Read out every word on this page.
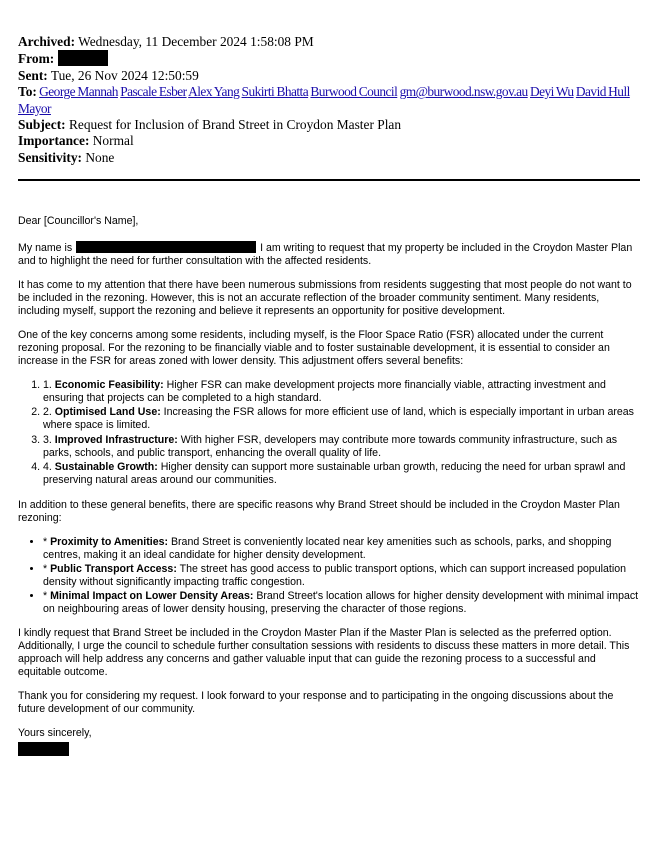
Archived: Wednesday, 11 December 2024 1:58:08 PM
From:
Sent: Tue, 26 Nov 2024 12:50:59
To: George Mannah Pascale Esber Alex Yang Sukirti Bhatta Burwood Council gm@burwood.nsw.gov.au Deyi Wu David Hull Mayor
Subject: Request for Inclusion of Brand Street in Croydon Master Plan
Importance: Normal
Sensitivity: None

Dear [Councillor's Name],

My name is	I am writing to request that my property be included in the Croydon Master Plan and to highlight the need for further consultation with the affected residents.

It has come to my attention that there have been numerous submissions from residents suggesting that most people do not want to be included in the rezoning. However, this is not an accurate reflection of the broader community sentiment. Many residents, including myself, support the rezoning and believe it represents an opportunity for positive development.

One of the key concerns among some residents, including myself, is the Floor Space Ratio (FSR) allocated under the current rezoning proposal. For the rezoning to be financially viable and to foster sustainable development, it is essential to consider an increase in the FSR for areas zoned with lower density. This adjustment offers several benefits:

1. 1. Economic Feasibility: Higher FSR can make development projects more financially viable, attracting investment and ensuring that projects can be completed to a high standard.
2. 2. Optimised Land Use: Increasing the FSR allows for more efficient use of land, which is especially important in urban areas where space is limited.
3. 3. Improved Infrastructure: With higher FSR, developers may contribute more towards community infrastructure, such as parks, schools, and public transport, enhancing the overall quality of life.
4. 4. Sustainable Growth: Higher density can support more sustainable urban growth, reducing the need for urban sprawl and preserving natural areas around our communities.

In addition to these general benefits, there are specific reasons why Brand Street should be included in the Croydon Master Plan rezoning:

• * Proximity to Amenities: Brand Street is conveniently located near key amenities such as schools, parks, and shopping centres, making it an ideal candidate for higher density development.
• * Public Transport Access: The street has good access to public transport options, which can support increased population density without significantly impacting traffic congestion.
• * Minimal Impact on Lower Density Areas: Brand Street's location allows for higher density development with minimal impact on neighbouring areas of lower density housing, preserving the character of those regions.

I kindly request that Brand Street be included in the Croydon Master Plan if the Master Plan is selected as the preferred option. Additionally, I urge the council to schedule further consultation sessions with residents to discuss these matters in more detail. This approach will help address any concerns and gather valuable input that can guide the rezoning process to a successful and equitable outcome.

Thank you for considering my request. I look forward to your response and to participating in the ongoing discussions about the future development of our community.

Yours sincerely,
